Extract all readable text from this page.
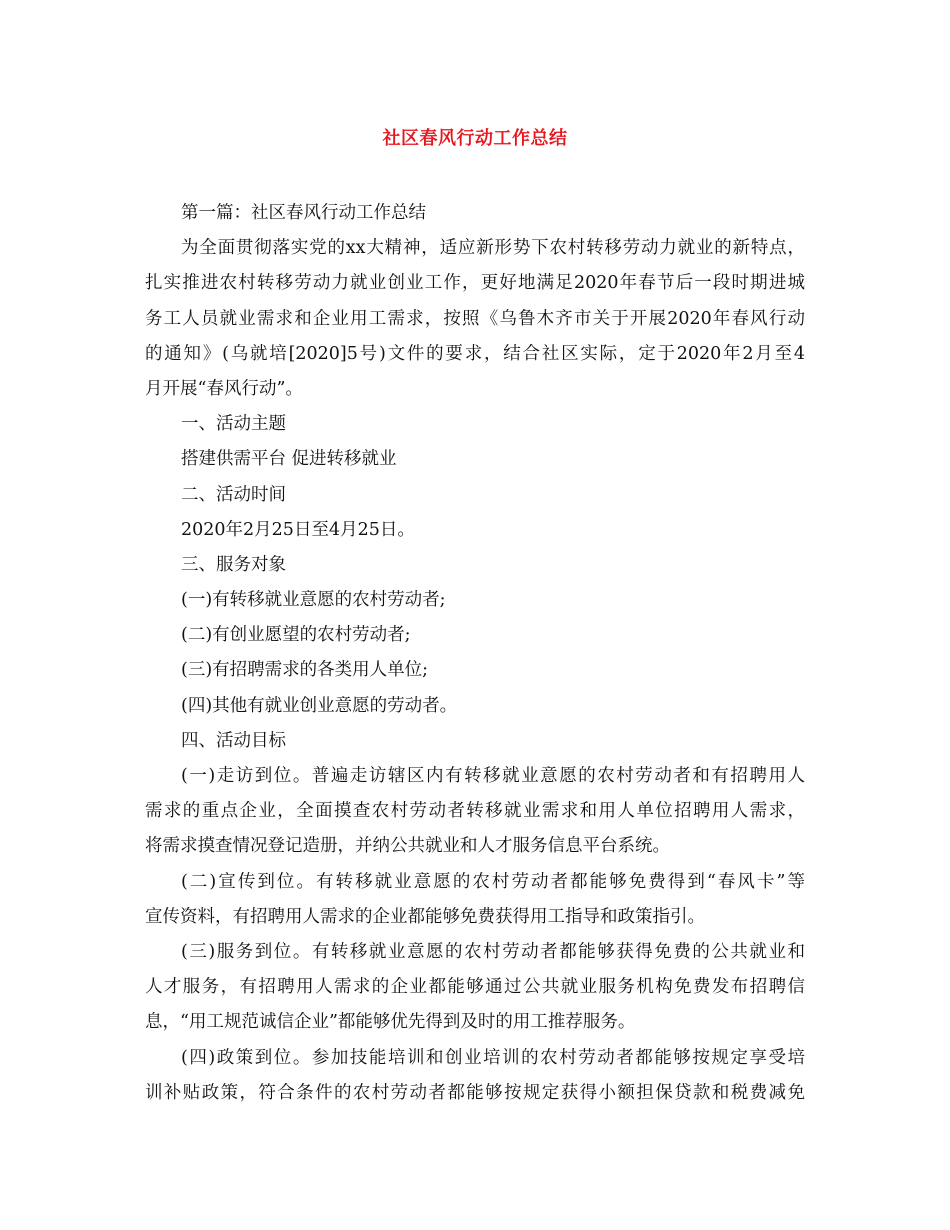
社区春风行动工作总结
第一篇：社区春风行动工作总结
为全面贯彻落实党的xx大精神，适应新形势下农村转移劳动力就业的新特点，
扎实推进农村转移劳动力就业创业工作，更好地满足2020年春节后一段时期进城
务工人员就业需求和企业用工需求，按照《乌鲁木齐市关于开展2020年春风行动
的通知》(乌就培[2020]5号)文件的要求，结合社区实际，定于2020年2月至4
月开展“春风行动”。
一、活动主题
搭建供需平台 促进转移就业
二、活动时间
2020年2月25日至4月25日。
三、服务对象
(一)有转移就业意愿的农村劳动者;
(二)有创业愿望的农村劳动者;
(三)有招聘需求的各类用人单位;
(四)其他有就业创业意愿的劳动者。
四、活动目标
(一)走访到位。普遍走访辖区内有转移就业意愿的农村劳动者和有招聘用人
需求的重点企业，全面摸查农村劳动者转移就业需求和用人单位招聘用人需求，
将需求摸查情况登记造册，并纳公共就业和人才服务信息平台系统。
(二)宣传到位。有转移就业意愿的农村劳动者都能够免费得到“春风卡”等
宣传资料，有招聘用人需求的企业都能够免费获得用工指导和政策指引。
(三)服务到位。有转移就业意愿的农村劳动者都能够获得免费的公共就业和
人才服务，有招聘用人需求的企业都能够通过公共就业服务机构免费发布招聘信
息，“用工规范诚信企业”都能够优先得到及时的用工推荐服务。
(四)政策到位。参加技能培训和创业培训的农村劳动者都能够按规定享受培
训补贴政策，符合条件的农村劳动者都能够按规定获得小额担保贷款和税费减免
